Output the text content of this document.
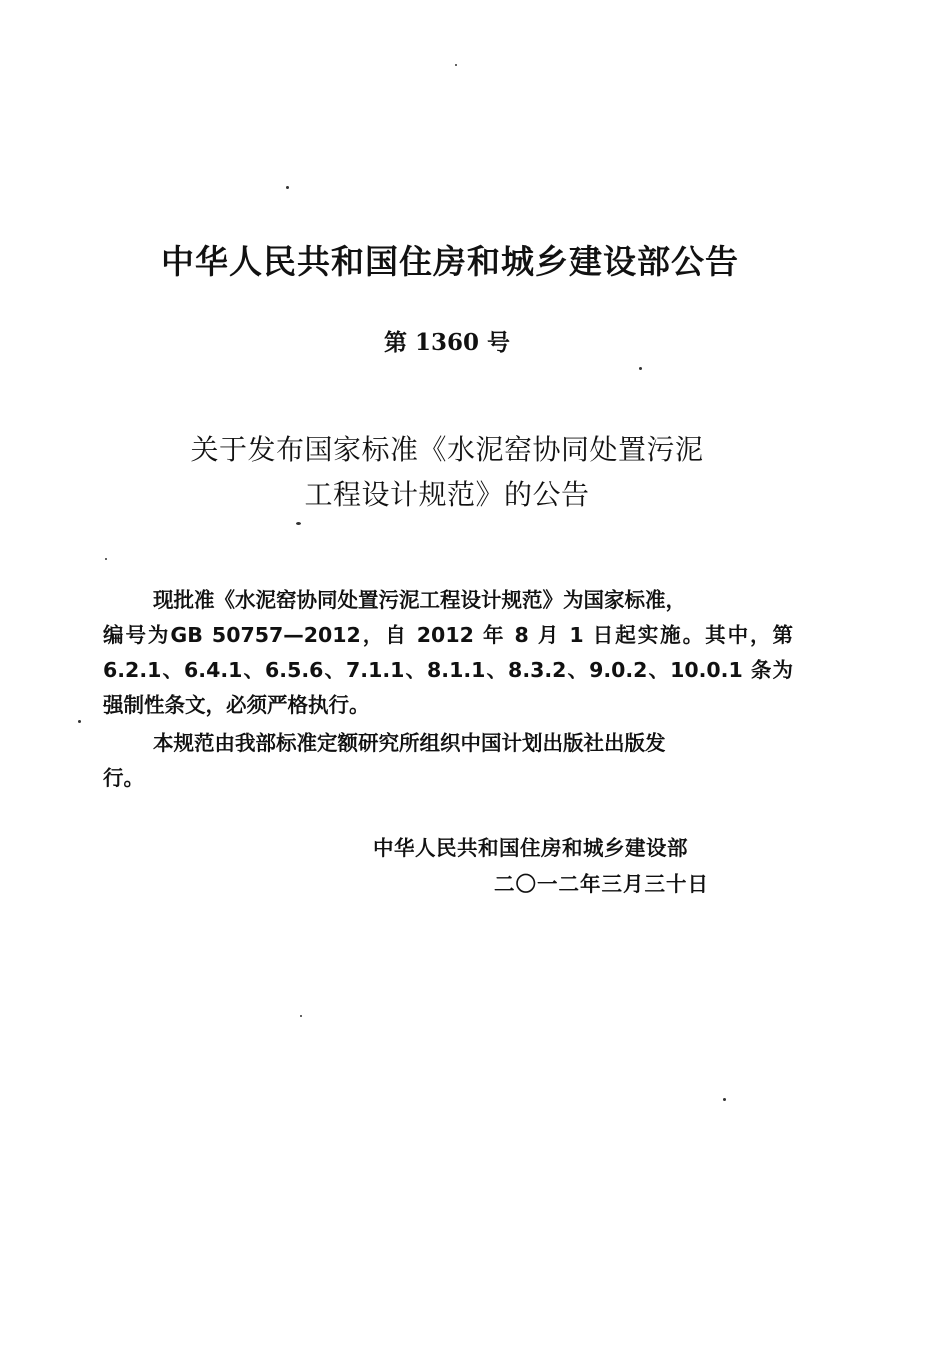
中华人民共和国住房和城乡建设部公告
第 1360 号
关于发布国家标准《水泥窑协同处置污泥
工程设计规范》的公告
现批准《水泥窑协同处置污泥工程设计规范》为国家标准，
编号为GB 50757—2012，自 2012 年 8 月 1 日起实施。其中，第
6.2.1、6.4.1、6.5.6、7.1.1、8.1.1、8.3.2、9.0.2、10.0.1 条为
强制性条文，必须严格执行。
本规范由我部标准定额研究所组织中国计划出版社出版发
行。
中华人民共和国住房和城乡建设部
二〇一二年三月三十日
